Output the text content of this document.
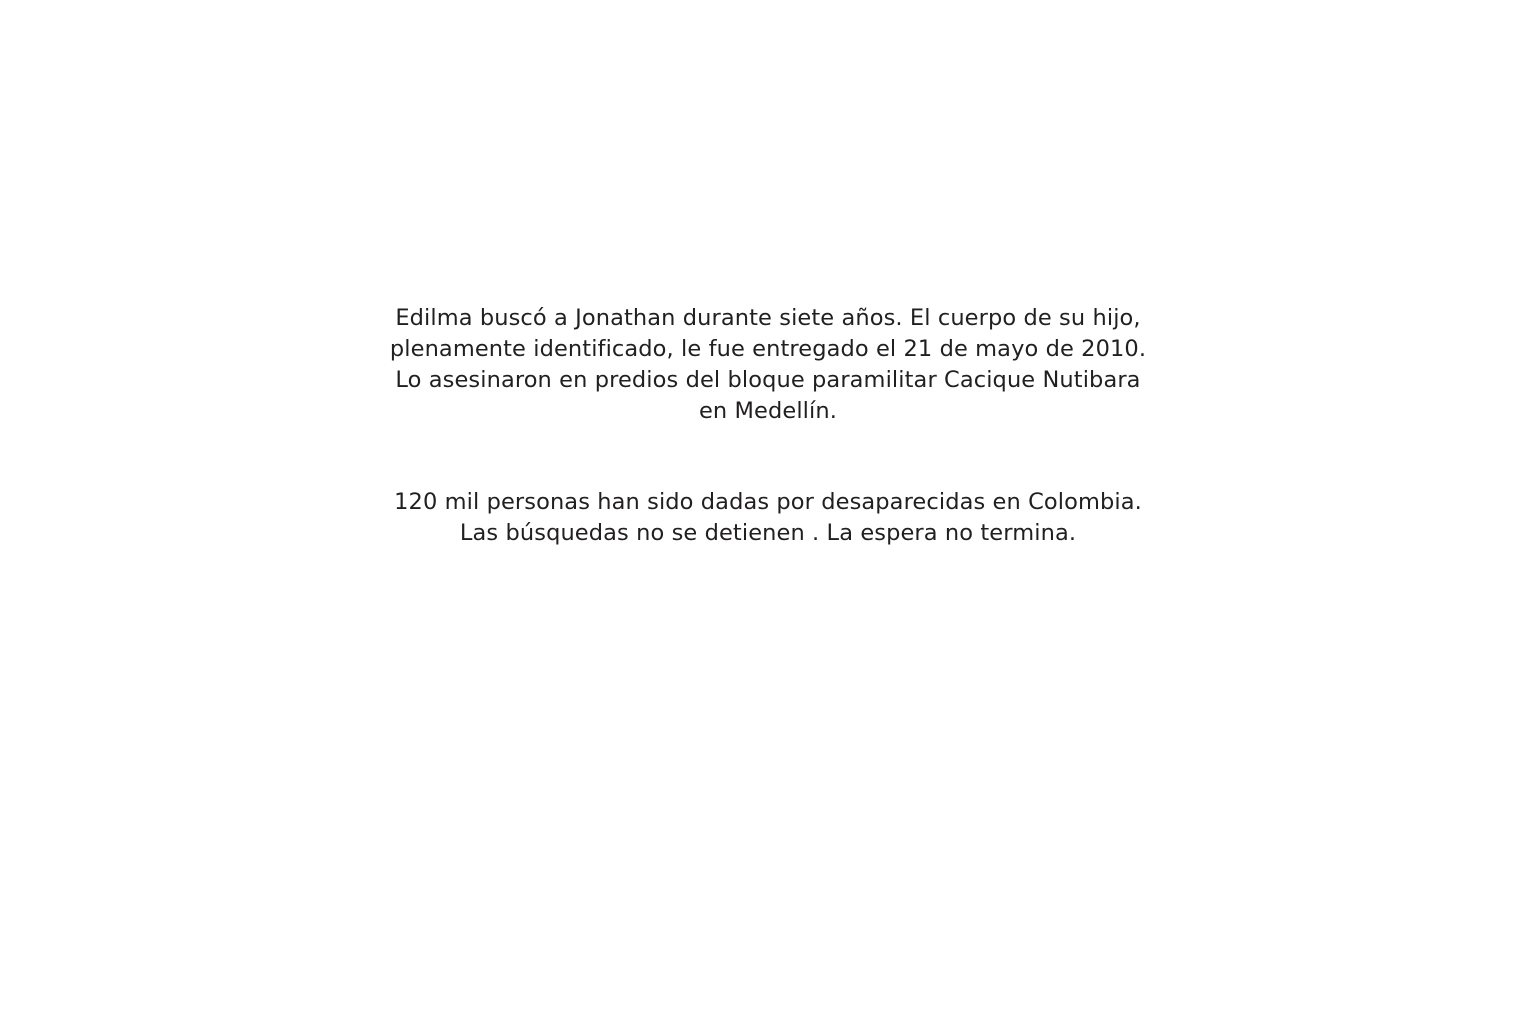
Edilma buscó a Jonathan durante siete años. El cuerpo de su hijo,
plenamente identificado, le fue entregado el 21 de mayo de 2010.
Lo asesinaron en predios del bloque paramilitar Cacique Nutibara
en Medellín.
120 mil personas han sido dadas por desaparecidas en Colombia.
Las búsquedas no se detienen . La espera no termina.
